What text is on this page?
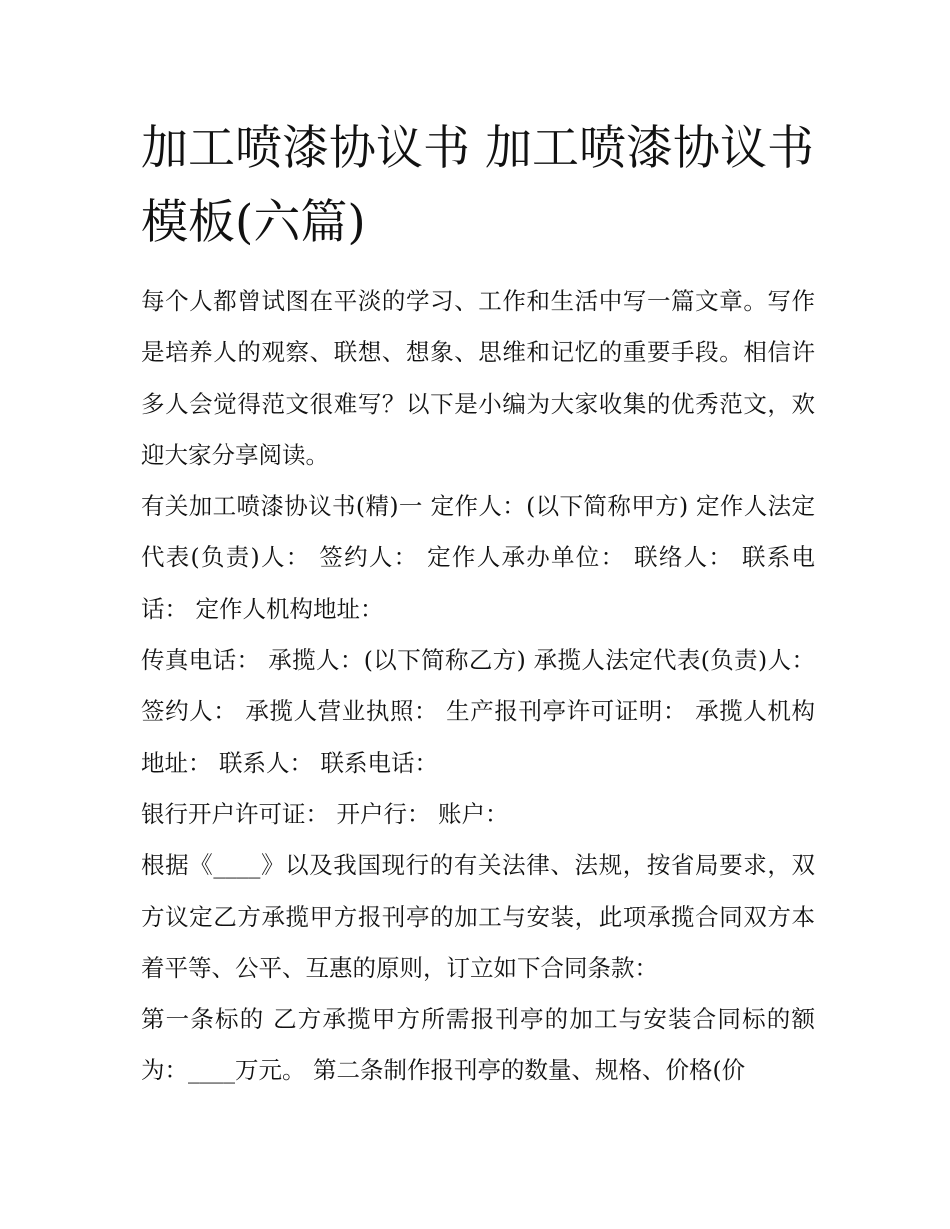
加工喷漆协议书 加工喷漆协议书模板(六篇)

每个人都曾试图在平淡的学习、工作和生活中写一篇文章。写作是培养人的观察、联想、想象、思维和记忆的重要手段。相信许多人会觉得范文很难写？以下是小编为大家收集的优秀范文，欢迎大家分享阅读。

有关加工喷漆协议书(精)一 定作人：(以下简称甲方) 定作人法定代表(负责)人： 签约人： 定作人承办单位： 联络人： 联系电话： 定作人机构地址：

传真电话： 承揽人：(以下简称乙方) 承揽人法定代表(负责)人： 签约人： 承揽人营业执照： 生产报刊亭许可证明： 承揽人机构地址： 联系人： 联系电话：

银行开户许可证： 开户行： 账户：

根据《____》以及我国现行的有关法律、法规，按省局要求，双方议定乙方承揽甲方报刊亭的加工与安装，此项承揽合同双方本着平等、公平、互惠的原则，订立如下合同条款：

第一条标的 乙方承揽甲方所需报刊亭的加工与安装合同标的额为：____万元。 第二条制作报刊亭的数量、规格、价格(价
